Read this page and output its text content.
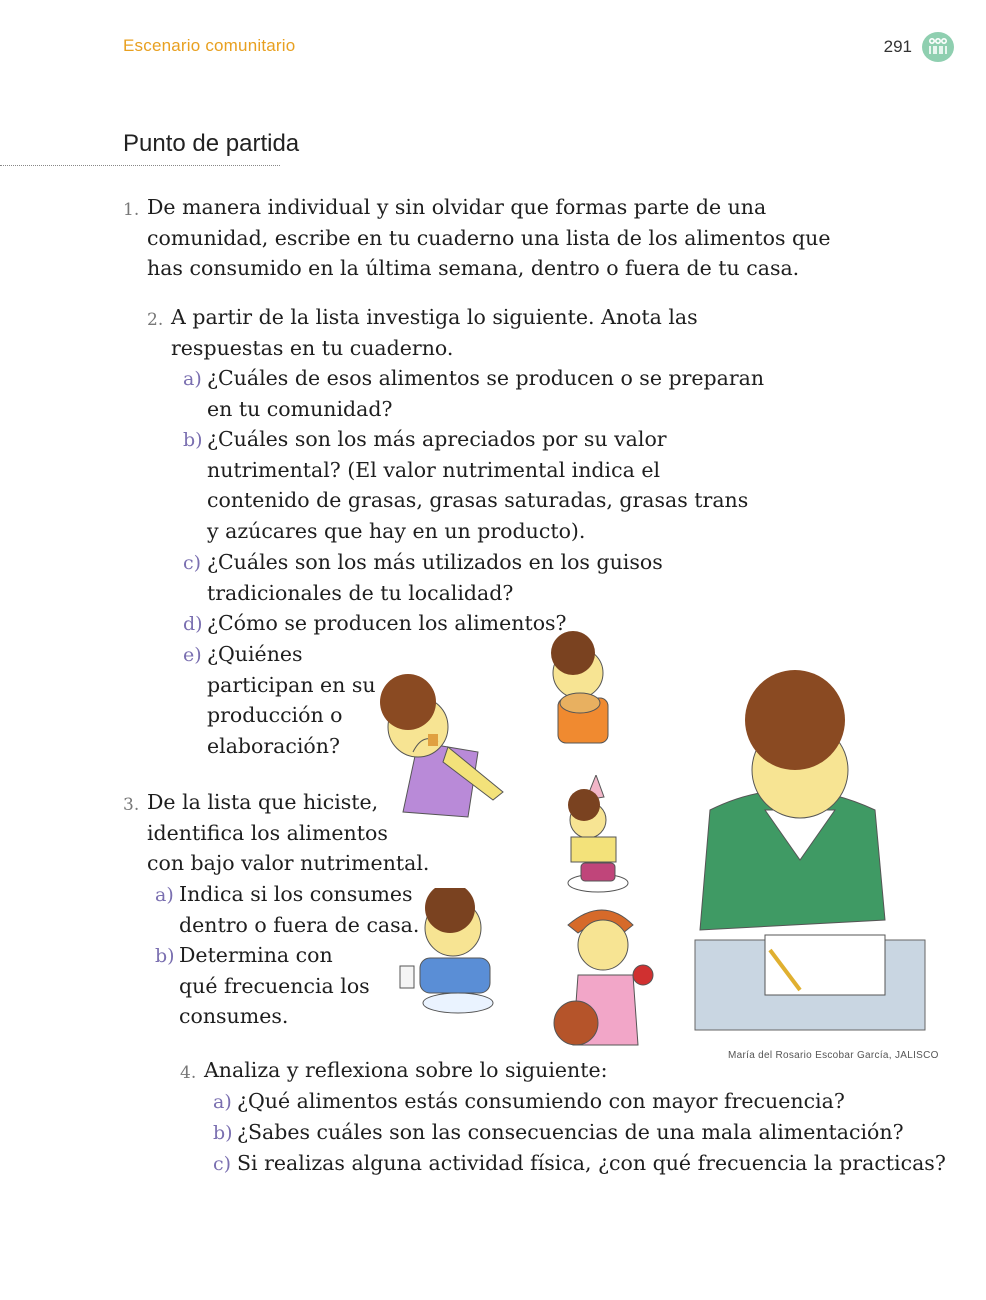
Escenario comunitario	291
Punto de partida
1. De manera individual y sin olvidar que formas parte de una
comunidad, escribe en tu cuaderno una lista de los alimentos que
has consumido en la última semana, dentro o fuera de tu casa.
2. A partir de la lista investiga lo siguiente. Anota las
respuestas en tu cuaderno.
a) ¿Cuáles de esos alimentos se producen o se preparan
en tu comunidad?
b) ¿Cuáles son los más apreciados por su valor
nutrimental? (El valor nutrimental indica el
contenido de grasas, grasas saturadas, grasas trans
y azúcares que hay en un producto).
c) ¿Cuáles son los más utilizados en los guisos
tradicionales de tu localidad?
d) ¿Cómo se producen los alimentos?
e) ¿Quiénes
participan en su
producción o
elaboración?
3. De la lista que hiciste,
identifica los alimentos
con bajo valor nutrimental.
a) Indica si los consumes
dentro o fuera de casa.
b) Determina con
qué frecuencia los
consumes.
4. Analiza y reflexiona sobre lo siguiente:
a) ¿Qué alimentos estás consumiendo con mayor frecuencia?
b) ¿Sabes cuáles son las consecuencias de una mala alimentación?
c) Si realizas alguna actividad física, ¿con qué frecuencia la practicas?
María del Rosario Escobar García, JALISCO
